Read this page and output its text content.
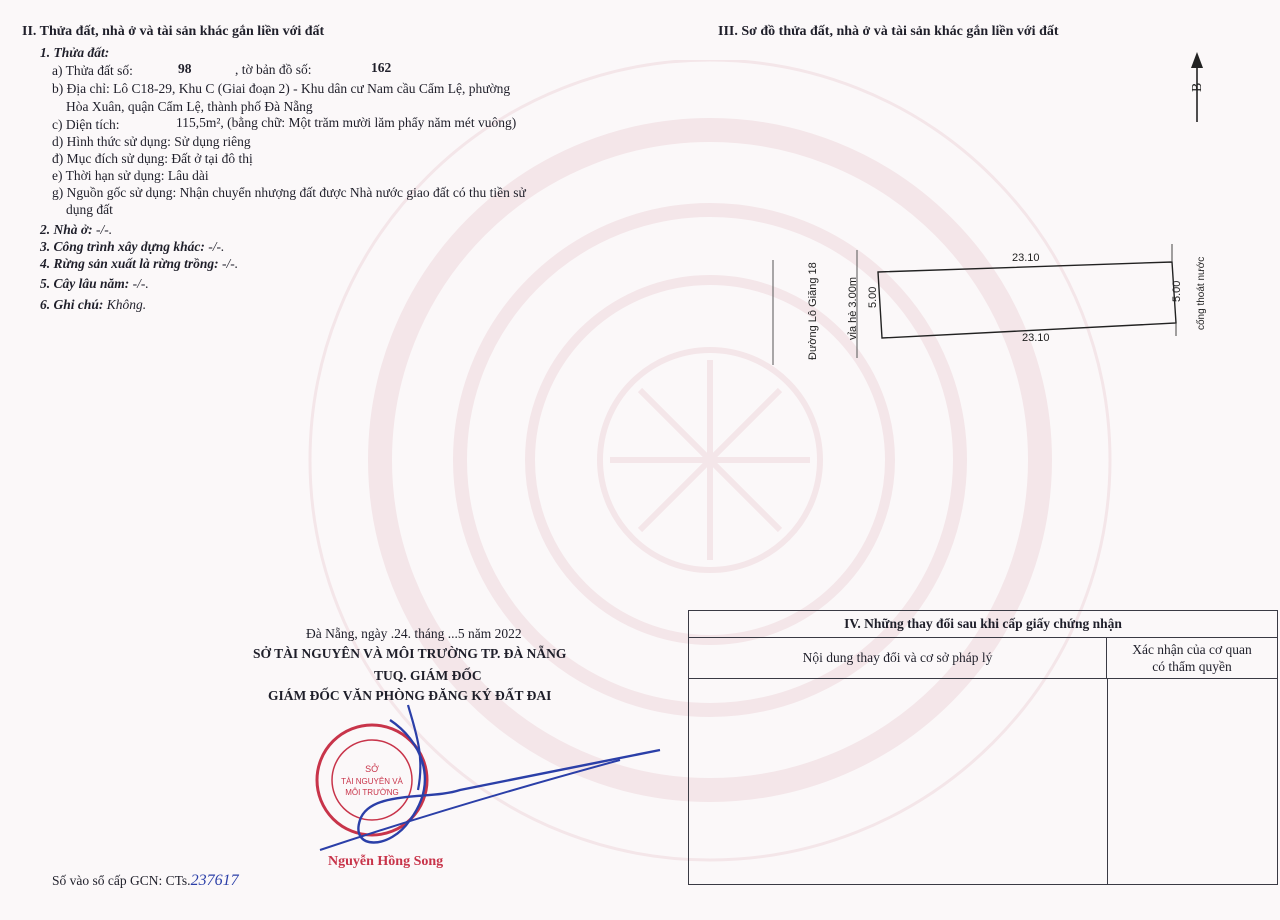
II. Thửa đất, nhà ở và tài sản khác gắn liền với đất
1. Thửa đất:
a) Thửa đất số:	98	, tờ bản đồ số:	162
b) Địa chỉ: Lô C18-29, Khu C (Giai đoạn 2) - Khu dân cư Nam cầu Cẩm Lệ, phường
Hòa Xuân, quận Cẩm Lệ, thành phố Đà Nẵng
c) Diện tích:	115,5m², (bằng chữ: Một trăm mười lăm phẩy năm mét vuông)
d) Hình thức sử dụng: Sử dụng riêng
đ) Mục đích sử dụng: Đất ở tại đô thị
e) Thời hạn sử dụng: Lâu dài
g) Nguồn gốc sử dụng: Nhận chuyển nhượng đất được Nhà nước giao đất có thu tiền sử
dụng đất
2. Nhà ở: -/-.
3. Công trình xây dựng khác: -/-.
4. Rừng sản xuất là rừng trồng: -/-.
5. Cây lâu năm: -/-.
6. Ghi chú: Không.
III. Sơ đồ thửa đất, nhà ở và tài sản khác gắn liền với đất
B
23.10
23.10
5.00	5.00
Đường Lô Giăng 18	vỉa hè 3.00m	cống thoát nước
Đà Nẵng, ngày .24. tháng ...5 năm 2022
SỞ TÀI NGUYÊN VÀ MÔI TRƯỜNG TP. ĐÀ NẴNG
TUQ. GIÁM ĐỐC
GIÁM ĐỐC VĂN PHÒNG ĐĂNG KÝ ĐẤT ĐAI
SỞ
TÀI NGUYÊN VÀ
MÔI TRƯỜNG
Nguyễn Hồng Song
Số vào sổ cấp GCN: CTs.237617
IV. Những thay đổi sau khi cấp giấy chứng nhận
Nội dung thay đổi và cơ sở pháp lý
Xác nhận của cơ quan
có thẩm quyền
